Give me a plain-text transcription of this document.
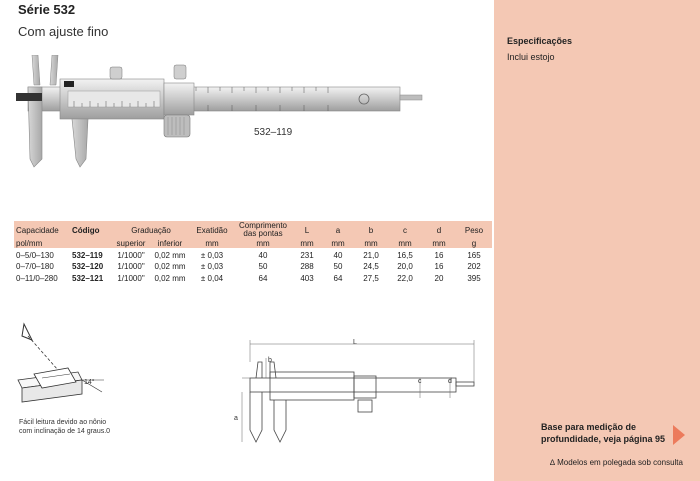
Série 532
Com ajuste fino
532–119
Capacidade	Código	Graduação		Exatidão	Comprimento das pontas	L	a	b	c	d	Peso
pol/mm		superior	inferior	mm	mm	mm	mm	mm	mm	mm	g
0–5/0–130	532–119	1/1000"	0,02 mm	± 0,03	40	231	40	21,0	16,5	16	165
0–7/0–180	532–120	1/1000"	0,02 mm	± 0,03	50	288	50	24,5	20,0	16	202
0–11/0–280	532–121	1/1000"	0,02 mm	± 0,04	64	403	64	27,5	22,0	20	395
14°
Fácil leitura devido ao nônio com inclinação de 14 graus.0
L
a
b
c	d
Especificações
Inclui estojo
Base para medição de profundidade, veja página 95
∆ Modelos em polegada sob consulta
